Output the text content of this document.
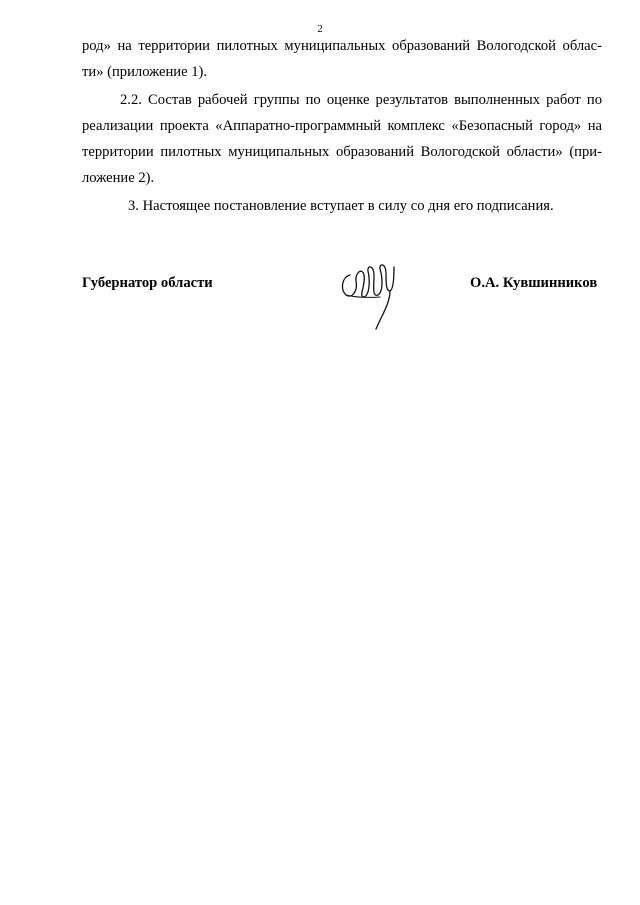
2
род» на территории пилотных муниципальных образований Вологодской облас-
ти» (приложение 1).
2.2. Состав рабочей группы по оценке результатов выполненных работ по
реализации проекта «Аппаратно-программный комплекс «Безопасный город» на
территории пилотных муниципальных образований Вологодской области» (при-
ложение 2).
3. Настоящее постановление вступает в силу со дня его подписания.
Губернатор области	О.А. Кувшинников
